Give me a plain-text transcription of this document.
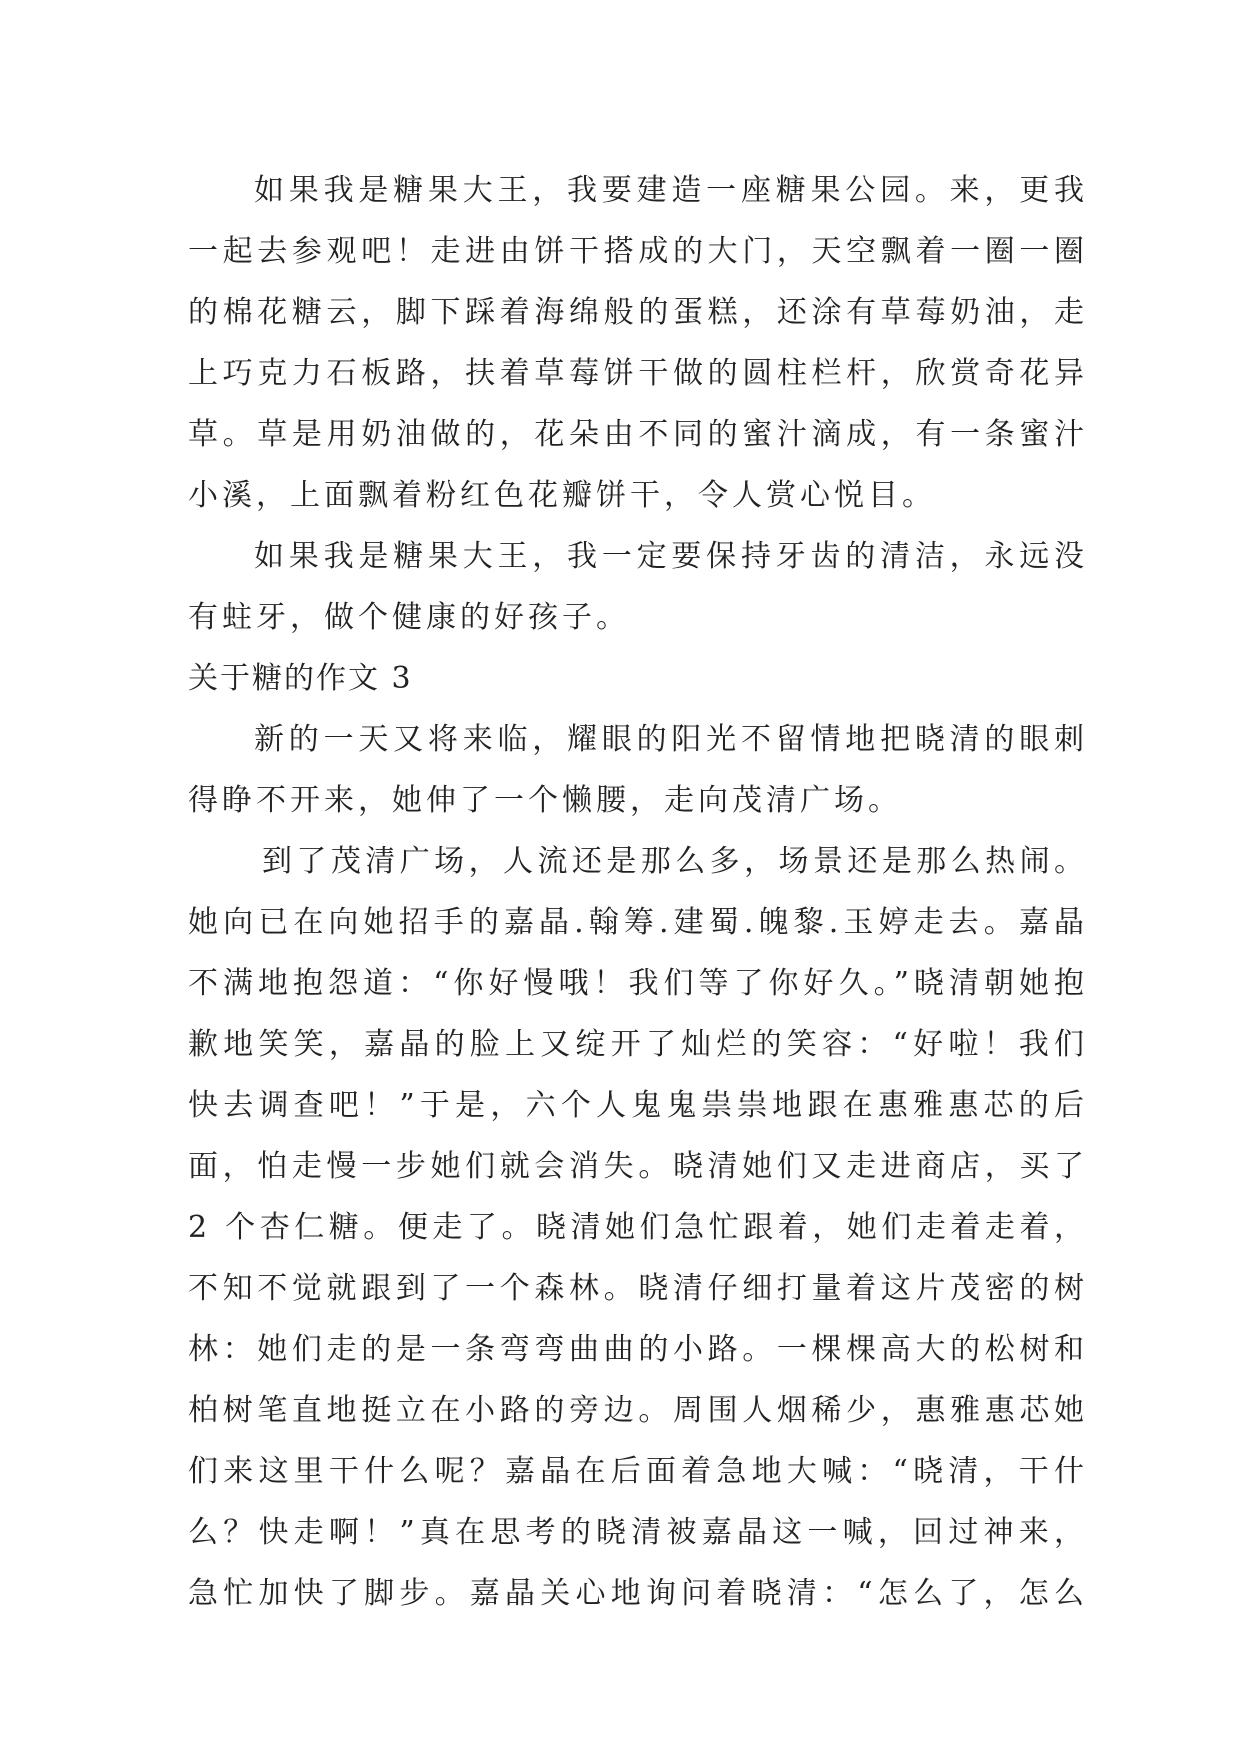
如果我是糖果大王，我要建造一座糖果公园。来，更我
一起去参观吧！走进由饼干搭成的大门，天空飘着一圈一圈
的棉花糖云，脚下踩着海绵般的蛋糕，还涂有草莓奶油，走
上巧克力石板路，扶着草莓饼干做的圆柱栏杆，欣赏奇花异
草。草是用奶油做的，花朵由不同的蜜汁滴成，有一条蜜汁
小溪，上面飘着粉红色花瓣饼干，令人赏心悦目。
如果我是糖果大王，我一定要保持牙齿的清洁，永远没
有蛀牙，做个健康的好孩子。
关于糖的作文 3
新的一天又将来临，耀眼的阳光不留情地把晓清的眼刺
得睁不开来，她伸了一个懒腰，走向茂清广场。
到了茂清广场，人流还是那么多，场景还是那么热闹。
她向已在向她招手的嘉晶.翰筹.建蜀.魄黎.玉婷走去。嘉晶
不满地抱怨道：“你好慢哦！我们等了你好久。”晓清朝她抱
歉地笑笑，嘉晶的脸上又绽开了灿烂的笑容：“好啦！我们
快去调查吧！”于是，六个人鬼鬼祟祟地跟在惠雅惠芯的后
面，怕走慢一步她们就会消失。晓清她们又走进商店，买了
2 个杏仁糖。便走了。晓清她们急忙跟着，她们走着走着，
不知不觉就跟到了一个森林。晓清仔细打量着这片茂密的树
林：她们走的是一条弯弯曲曲的小路。一棵棵高大的松树和
柏树笔直地挺立在小路的旁边。周围人烟稀少，惠雅惠芯她
们来这里干什么呢？嘉晶在后面着急地大喊：“晓清，干什
么？快走啊！”真在思考的晓清被嘉晶这一喊，回过神来，
急忙加快了脚步。嘉晶关心地询问着晓清：“怎么了，怎么
